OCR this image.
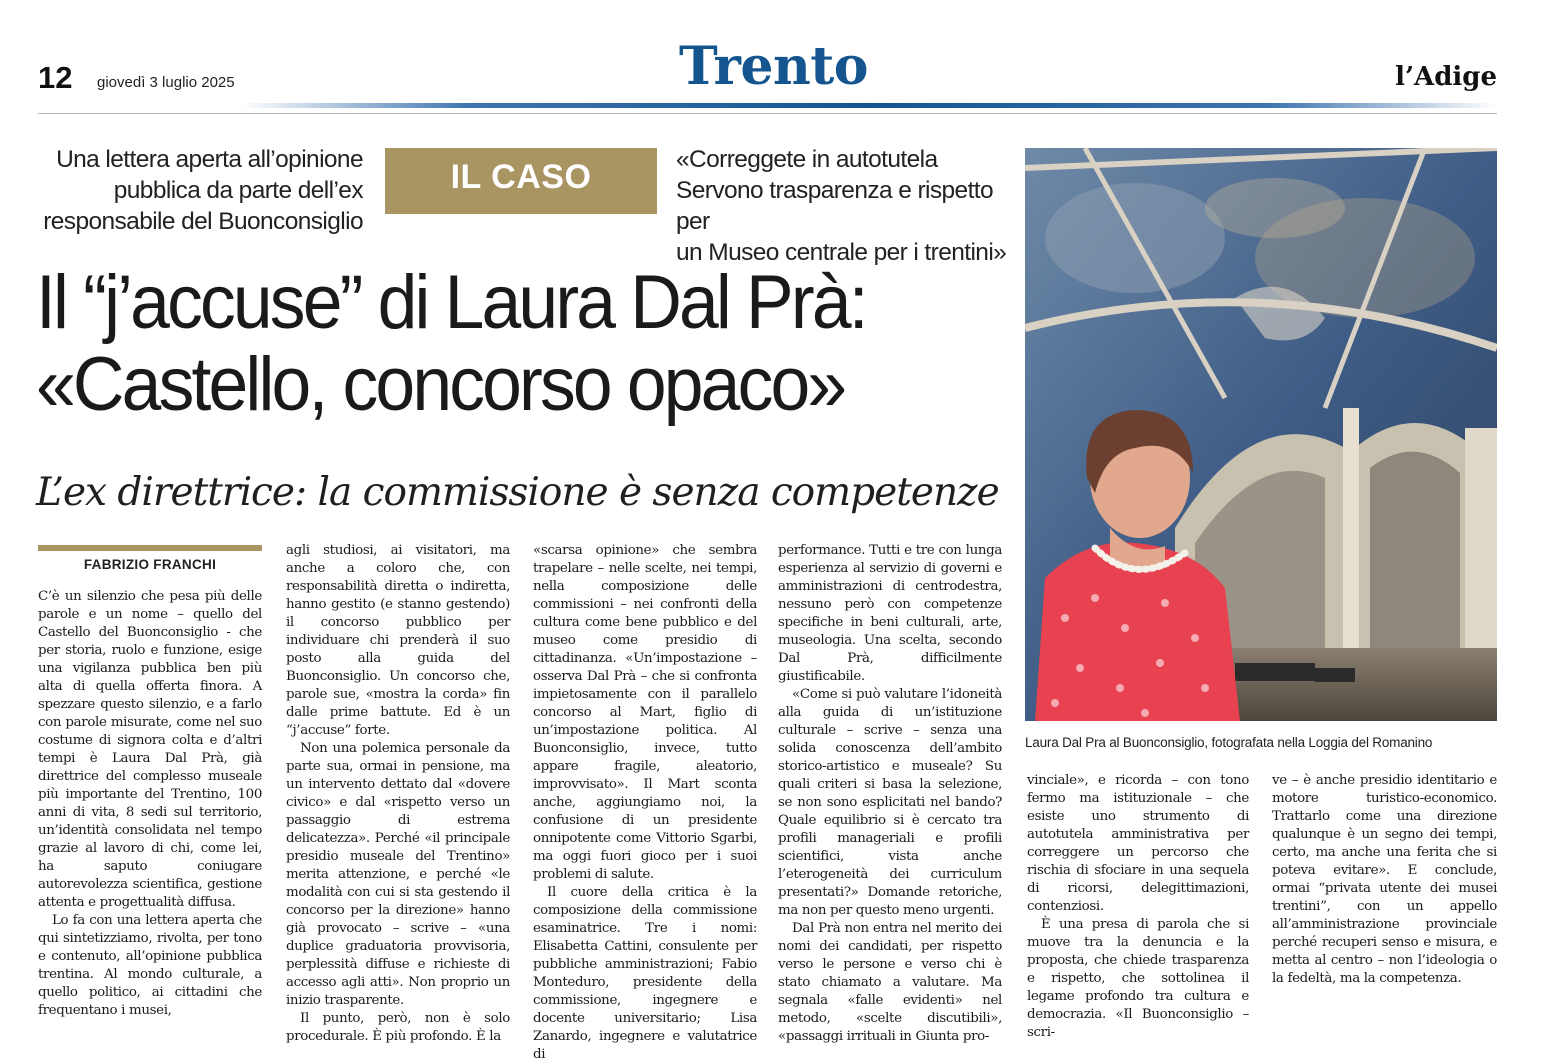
12 giovedì 3 luglio 2025	Trento	l’Adige
Una lettera aperta all’opinione
pubblica da parte dell’ex
responsabile del Buonconsiglio
IL CASO	«Correggete in autotutela
Servono trasparenza e rispetto per
un Museo centrale per i trentini»
Il “j’accuse” di Laura Dal Prà:
«Castello, concorso opaco»
L’ex direttrice: la commissione è senza competenze
FABRIZIO FRANCHI

C’è un silenzio che pesa più delle parole e un nome – quello del Castello del Buonconsiglio - che per storia, ruolo e funzione, esige una vigilanza pubblica ben più alta di quella offerta finora. A spezzare questo silenzio, e a farlo con parole misurate, come nel suo costume di signora colta e d’altri tempi è Laura Dal Prà, già direttrice del complesso museale più importante del Trentino, 100 anni di vita, 8 sedi sul territorio, un’identità consolidata nel tempo grazie al lavoro di chi, come lei, ha saputo coniugare autorevolezza scientifica, gestione attenta e progettualità diffusa.

Lo fa con una lettera aperta che qui sintetizziamo, rivolta, per tono e contenuto, all’opinione pubblica trentina. Al mondo culturale, a quello politico, ai cittadini che frequentano i musei,

agli studiosi, ai visitatori, ma anche a coloro che, con responsabilità diretta o indiretta, hanno gestito (e stanno gestendo) il concorso pubblico per individuare chi prenderà il suo posto alla guida del Buonconsiglio. Un concorso che, parole sue, «mostra la corda» fin dalle prime battute. Ed è un “j’accuse” forte.

Non una polemica personale da parte sua, ormai in pensione, ma un intervento dettato dal «dovere civico» e dal «rispetto verso un passaggio di estrema delicatezza». Perché «il principale presidio museale del Trentino» merita attenzione, e perché «le modalità con cui si sta gestendo il concorso per la direzione» hanno già provocato – scrive – «una duplice graduatoria provvisoria, perplessità diffuse e richieste di accesso agli atti». Non proprio un inizio trasparente.

Il punto, però, non è solo procedurale. È più profondo. È la

«scarsa opinione» che sembra trapelare – nelle scelte, nei tempi, nella composizione delle commissioni – nei confronti della cultura come bene pubblico e del museo come presidio di cittadinanza. «Un’impostazione – osserva Dal Prà – che si confronta impietosamente con il parallelo concorso al Mart, figlio di un’impostazione politica. Al Buonconsiglio, invece, tutto appare fragile, aleatorio, improvvisato». Il Mart sconta anche, aggiungiamo noi, la confusione di un presidente onnipotente come Vittorio Sgarbi, ma oggi fuori gioco per i suoi problemi di salute.

Il cuore della critica è la composizione della commissione esaminatrice. Tre i nomi: Elisabetta Cattini, consulente per pubbliche amministrazioni; Fabio Monteduro, presidente della commissione, ingegnere e docente universitario; Lisa Zanardo, ingegnere e valutatrice di

performance. Tutti e tre con lunga esperienza al servizio di governi e amministrazioni di centrodestra, nessuno però con competenze specifiche in beni culturali, arte, museologia. Una scelta, secondo Dal Prà, difficilmente giustificabile.

«Come si può valutare l’idoneità alla guida di un’istituzione culturale – scrive – senza una solida conoscenza dell’ambito storico-artistico e museale? Su quali criteri si basa la selezione, se non sono esplicitati nel bando? Quale equilibrio si è cercato tra profili manageriali e profili scientifici, vista anche l’eterogeneità dei curriculum presentati?» Domande retoriche, ma non per questo meno urgenti.

Dal Prà non entra nel merito dei nomi dei candidati, per rispetto verso le persone e verso chi è stato chiamato a valutare. Ma segnala «falle evidenti» nel metodo, «scelte discutibili», «passaggi irrituali in Giunta pro-

vinciale», e ricorda – con tono fermo ma istituzionale – che esiste uno strumento di autotutela amministrativa per correggere un percorso che rischia di sfociare in una sequela di ricorsi, delegittimazioni, contenziosi.

È una presa di parola che si muove tra la denuncia e la proposta, che chiede trasparenza e rispetto, che sottolinea il legame profondo tra cultura e democrazia. «Il Buonconsiglio – scri-

ve – è anche presidio identitario e motore turistico-economico. Trattarlo come una direzione qualunque è un segno dei tempi, certo, ma anche una ferita che si poteva evitare». E conclude, ormai “privata utente dei musei trentini”, con un appello all’amministrazione provinciale perché recuperi senso e misura, e metta al centro – non l’ideologia o la fedeltà, ma la competenza.

Laura Dal Pra al Buonconsiglio, fotografata nella Loggia del Romanino
